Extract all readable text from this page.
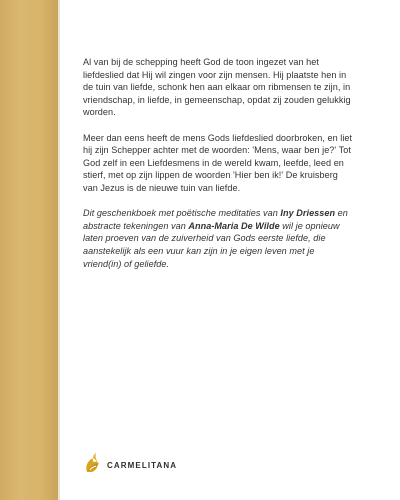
Al van bij de schepping heeft God de toon ingezet van het liefdeslied dat Hij wil zingen voor zijn mensen. Hij plaatste hen in de tuin van liefde, schonk hen aan elkaar om ribmensen te zijn, in vriendschap, in liefde, in gemeenschap, opdat zij zouden gelukkig worden.

Meer dan eens heeft de mens Gods liefdeslied doorbroken, en liet hij zijn Schepper achter met de woorden: 'Mens, waar ben je?' Tot God zelf in een Liefdesmens in de wereld kwam, leefde, leed en stierf, met op zijn lippen de woorden 'Hier ben ik!' De kruisberg van Jezus is de nieuwe tuin van liefde.

Dit geschenkboek met poëtische meditaties van Iny Driessen en abstracte tekeningen van Anna-Maria De Wilde wil je opnieuw laten proeven van de zuiverheid van Gods eerste liefde, die aanstekelijk als een vuur kan zijn in je eigen leven met je vriend(in) of geliefde.

CARMELITANA
